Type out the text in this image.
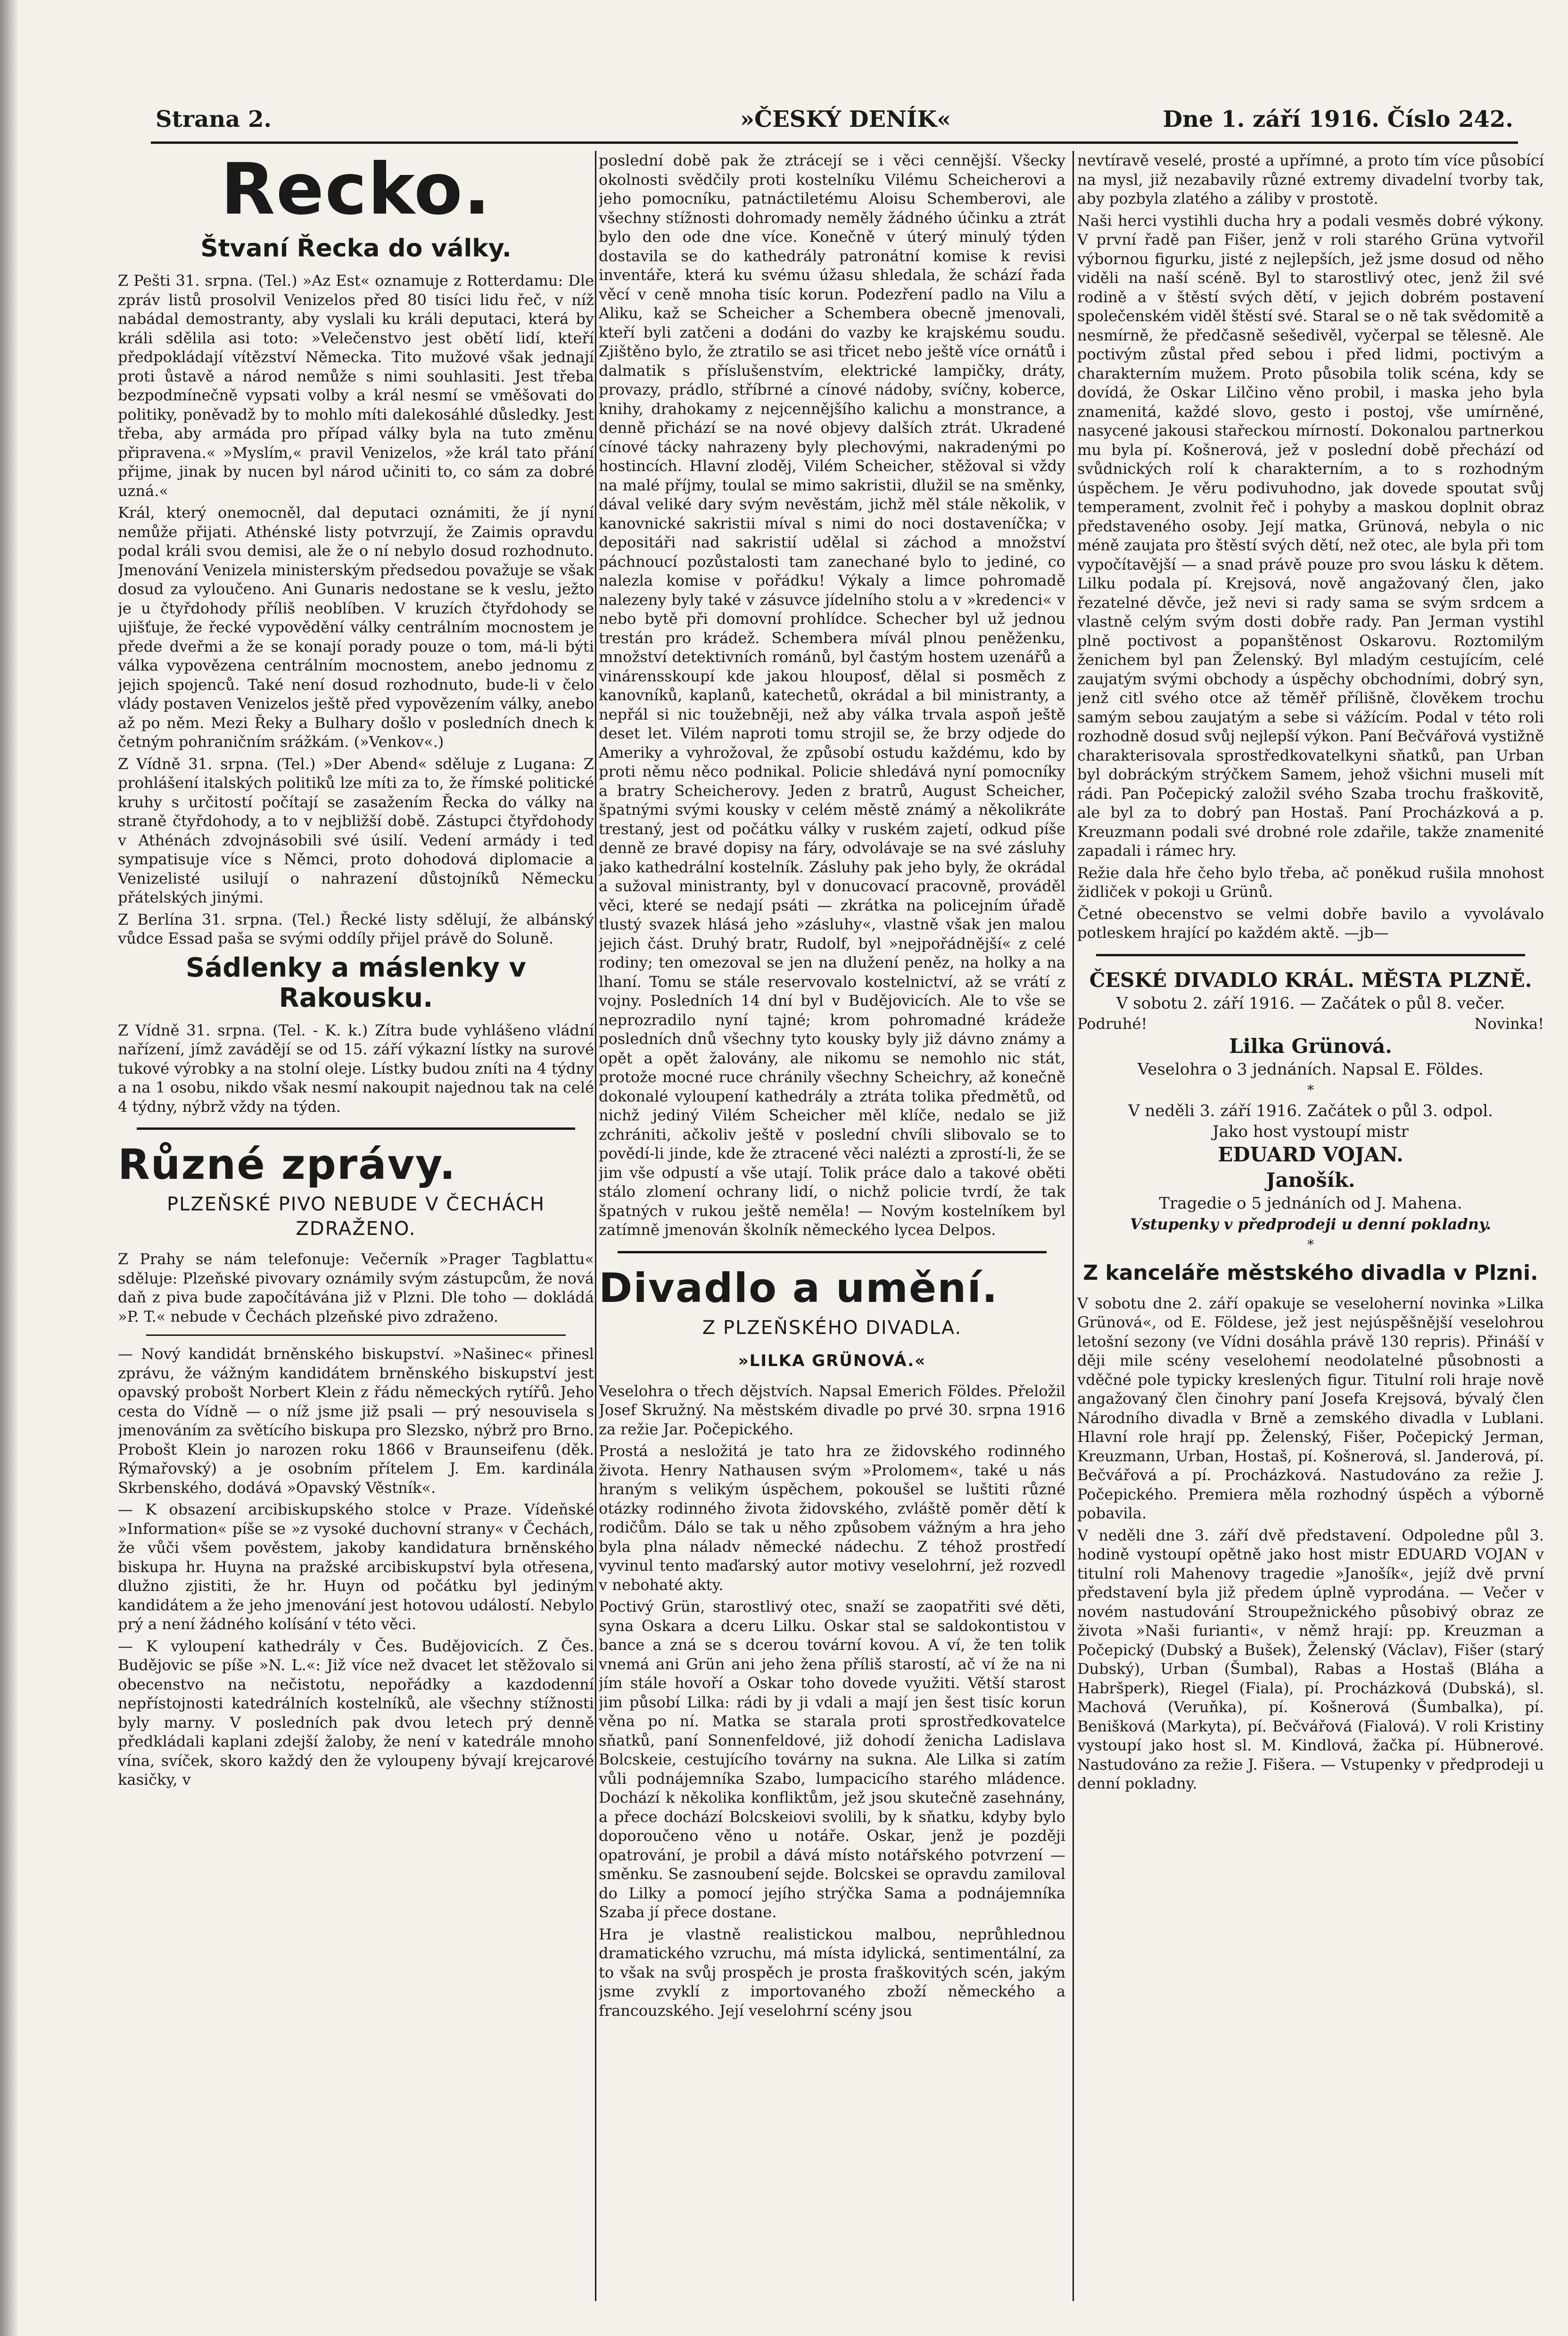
Strana 2.	»ČESKÝ DENÍK«	Dne 1. září 1916. Číslo 242.
Recko.
Štvaní Řecka do války.

Z Pešti 31. srpna. (Tel.) »Az Est« oznamuje z Rotterdamu: Dle zpráv listů prosolvil Venizelos před 80 tisíci lidu řeč, v níž nabádal demostranty, aby vyslali ku králi deputaci, která by králi sdělila asi toto: »Velečenstvo jest obětí lidí, kteří předpokládají vítězství Německa. Tito mužové však jednají proti ůstavě a národ nemůže s nimi souhlasiti. Jest třeba bezpodmínečně vypsati volby a král nesmí se vměšovati do politiky, poněvadž by to mohlo míti dalekosáhlé důsledky. Jest třeba, aby armáda pro případ války byla na tuto změnu připravena.« »Myslím,« pravil Venizelos, »že král tato přání přijme, jinak by nucen byl národ učiniti to, co sám za dobré uzná.«

Král, který onemocněl, dal deputaci oznámiti, že jí nyní nemůže přijati. Athénské listy potvrzují, že Zaimis opravdu podal králi svou demisi, ale že o ní nebylo dosud rozhodnuto. Jmenování Venizela ministerským předsedou považuje se však dosud za vyloučeno. Ani Gunaris nedostane se k veslu, ježto je u čtyřdohody příliš neoblíben. V kruzích čtyřdohody se ujišťuje, že řecké vypovědění války centrálním mocnostem je přede dveřmi a že se konají porady pouze o tom, má-li býti válka vypovězena centrálním mocnostem, anebo jednomu z jejich spojenců. Také není dosud rozhodnuto, bude-li v čelo vlády postaven Venizelos ještě před vypovězením války, anebo až po něm. Mezi Řeky a Bulhary došlo v posledních dnech k četným pohraničním srážkám. (»Venkov«.)

Z Vídně 31. srpna. (Tel.) »Der Abend« sděluje z Lugana: Z prohlášení italských politiků lze míti za to, že římské politické kruhy s určitostí počítají se zasažením Řecka do války na straně čtyřdohody, a to v nejbližší době. Zástupci čtyřdohody v Athénách zdvojnásobili své úsilí. Vedení armády i teď sympatisuje více s Němci, proto dohodová diplomacie a Venizelisté usilují o nahrazení důstojníků Německu přátelských jinými.

Z Berlína 31. srpna. (Tel.) Řecké listy sdělují, že albánský vůdce Essad paša se svými oddíly přijel právě do Soluně.

Sádlenky a máslenky v Rakousku.

Z Vídně 31. srpna. (Tel. - K. k.) Zítra bude vyhlášeno vládní nařízení, jímž zavádějí se od 15. září výkazní lístky na surové tukové výrobky a na stolní oleje. Lístky budou zníti na 4 týdny a na 1 osobu, nikdo však nesmí nakoupit najednou tak na celé 4 týdny, nýbrž vždy na týden.

Různé zprávy.
PLZEŇSKÉ PIVO NEBUDE V ČECHÁCH ZDRAŽENO.

Z Prahy se nám telefonuje: Večerník »Prager Tagblattu« sděluje: Plzeňské pivovary oznámily svým zástupcům, že nová daň z piva bude započítávána již v Plzni. Dle toho — dokládá »P. T.« nebude v Čechách plzeňské pivo zdraženo.

— Nový kandidát brněnského biskupství. »Našinec« přinesl zprávu, že vážným kandidátem brněnského biskupství jest opavský probošt Norbert Klein z řádu německých rytířů. Jeho cesta do Vídně — o níž jsme již psali — prý nesouvisela s jmenováním za světícího biskupa pro Slezsko, nýbrž pro Brno. Probošt Klein jo narozen roku 1866 v Braunseifenu (děk. Rýmařovský) a je osobním přítelem J. Em. kardinála Skrbenského, dodává »Opavský Věstník«.

— K obsazení arcibiskupského stolce v Praze. Vídeňské »Information« píše se »z vysoké duchovní strany« v Čechách, že vůči všem pověstem, jakoby kandidatura brněnského biskupa hr. Huyna na pražské arcibiskupství byla otřesena, dlužno zjistiti, že hr. Huyn od počátku byl jediným kandidátem a že jeho jmenování jest hotovou událostí. Nebylo prý a není žádného kolísání v této věci.

— K vyloupení kathedrály v Čes. Budějovicích. Z Čes. Budějovic se píše »N. L.«: Již více než dvacet let stěžovalo si obecenstvo na nečistotu, nepořádky a kazdodenní nepřístojnosti katedrálních kostelníků, ale všechny stížnosti byly marny. V posledních pak dvou letech prý denně předkládali kaplani zdejší žaloby, že není v katedrále mnoho vína, svíček, skoro každý den že vyloupeny bývají krejcarové kasičky, v

poslední době pak že ztrácejí se i věci cennější. Všecky okolnosti svědčily proti kostelníku Vilému Scheicherovi a jeho pomocníku, patnáctiletému Aloisu Schemberovi, ale všechny stížnosti dohromady neměly žádného účinku a ztrát bylo den ode dne více. Konečně v úterý minulý týden dostavila se do kathedrály patronátní komise k revisi inventáře, která ku svému úžasu shledala, že schází řada věcí v ceně mnoha tisíc korun. Podezření padlo na Vilu a Aliku, kaž se Scheicher a Schembera obecně jmenovali, kteří byli zatčeni a dodáni do vazby ke krajskému soudu. Zjištěno bylo, že ztratilo se asi třicet nebo ještě více ornátů i dalmatik s příslušenstvím, elektrické lampičky, dráty, provazy, prádlo, stříbrné a cínové nádoby, svíčny, koberce, knihy, drahokamy z nejcennějšího kalichu a monstrance, a denně přichází se na nové objevy dalších ztrát. Ukradené cínové tácky nahrazeny byly plechovými, nakradenými po hostincích. Hlavní zloděj, Vilém Scheicher, stěžoval si vždy na malé příjmy, toulal se mimo sakristii, dlužil se na směnky, dával veliké dary svým nevěstám, jichž měl stále několik, v kanovnické sakristii míval s nimi do noci dostaveníčka; v depositáři nad sakristií udělal si záchod a množství páchnoucí pozůstalosti tam zanechané bylo to jediné, co nalezla komise v pořádku! Výkaly a limce pohromadě nalezeny byly také v zásuvce jídelního stolu a v »kredenci« v nebo bytě při domovní prohlídce. Schecher byl už jednou trestán pro krádež. Schembera mívál plnou peněženku, množství detektivních románů, byl častým hostem uzenářů a vinárensskoupí kde jakou hlouposť, dělal si posměch z kanovníků, kaplanů, katechetů, okrádal a bil ministranty, a nepřál si nic toužebněji, než aby válka trvala aspoň ještě deset let. Vilém naproti tomu strojil se, že brzy odjede do Ameriky a vyhrožoval, že způsobí ostudu každému, kdo by proti němu něco podnikal. Policie shledává nyní pomocníky a bratry Scheicherovy. Jeden z bratrů, August Scheicher, špatnými svými kousky v celém městě známý a několikráte trestaný, jest od počátku války v ruském zajetí, odkud píše denně ze bravé dopisy na fáry, odvolávaje se na své zásluhy jako kathedrální kostelník. Zásluhy pak jeho byly, že okrádal a sužoval ministranty, byl v donucovací pracovně, prováděl věci, které se nedají psáti — zkrátka na policejním úřadě tlustý svazek hlásá jeho »zásluhy«, vlastně však jen malou jejich část. Druhý bratr, Rudolf, byl »nejpořádnější« z celé rodiny; ten omezoval se jen na dlužení peněz, na holky a na lhaní. Tomu se stále reservovalo kostelnictví, až se vrátí z vojny. Posledních 14 dní byl v Budějovicích. Ale to vše se neprozradilo nyní tajné; krom pohromadné krádeže posledních dnů všechny tyto kousky byly již dávno známy a opět a opět žalovány, ale nikomu se nemohlo nic stát, protože mocné ruce chránily všechny Scheichry, až konečně dokonalé vyloupení kathedrály a ztráta tolika předmětů, od nichž jediný Vilém Scheicher měl klíče, nedalo se již zchrániti, ačkoliv ještě v poslední chvíli slibovalo se to povědí-li jinde, kde že ztracené věci nalézti a zprostí-li, že se jim vše odpustí a vše utají. Tolik práce dalo a takové oběti stálo zlomení ochrany lidí, o nichž policie tvrdí, že tak špatných v rukou ještě neměla! — Novým kostelníkem byl zatímně jmenován školník německého lycea Delpos.

Divadlo a umění.
Z PLZEŇSKÉHO DIVADLA.
»LILKA GRÜNOVÁ.«

Veselohra o třech dějstvích. Napsal Emerich Földes. Přeložil Josef Skružný. Na městském divadle po prvé 30. srpna 1916 za režie Jar. Počepického.

Prostá a nesložitá je tato hra ze židovského rodinného života. Henry Nathausen svým »Prolomem«, také u nás hraným s velikým úspěchem, pokoušel se luštiti různé otázky rodinného života židovského, zvláště poměr dětí k rodičům. Dálo se tak u něho způsobem vážným a hra jeho byla plna náladv německé nádechu. Z téhož prostředí vyvinul tento maďarský autor motivy veselohrní, jež rozvedl v nebohaté akty.

Poctivý Grün, starostlivý otec, snaží se zaopatřiti své děti, syna Oskara a dceru Lilku. Oskar stal se saldokontistou v bance a zná se s dcerou tovární kovou. A ví, že ten tolik vnemá ani Grün ani jeho žena příliš starostí, ač ví že na ni jím stále hovoří a Oskar toho dovede využiti. Větší starost jim působí Lilka: rádi by ji vdali a mají jen šest tisíc korun věna po ní. Matka se starala proti sprostředkovatelce sňatků, paní Sonnenfeldové, již dohodí ženicha Ladislava Bolcskeie, cestujícího továrny na sukna. Ale Lilka si zatím vůli podnájemníka Szabo, lumpacicího starého mládence. Dochází k několika konfliktům, jež jsou skutečně zasehnány, a přece dochází Bolcskeiovi svolili, by k sňatku, kdyby bylo doporoučeno věno u notáře. Oskar, jenž je později opatrování, je probil a dává místo notářského potvrzení — směnku. Se zasnoubení sejde. Bolcskei se opravdu zamiloval do Lilky a pomocí jejího strýčka Sama a podnájemníka Szaba jí přece dostane.

Hra je vlastně realistickou malbou, neprůhlednou dramatického vzruchu, má místa idylická, sentimentální, za to však na svůj prospěch je prosta fraškovitých scén, jakým jsme zvyklí z importovaného zboží německého a francouzského. Její veselohrní scény jsou

nevtíravě veselé, prosté a upřímné, a proto tím více působící na mysl, již nezabavily různé extremy divadelní tvorby tak, aby pozbyla zlatého a záliby v prostotě.

Naši herci vystihli ducha hry a podali vesměs dobré výkony. V první řadě pan Fišer, jenž v roli starého Grüna vytvořil výbornou figurku, jisté z nejlepších, jež jsme dosud od něho viděli na naší scéně. Byl to starostlivý otec, jenž žil své rodině a v štěstí svých dětí, v jejich dobrém postavení společenském viděl štěstí své. Staral se o ně tak svědomitě a nesmírně, že předčasně sešedivěl, vyčerpal se tělesně. Ale poctivým zůstal před sebou i před lidmi, poctivým a charakterním mužem. Proto působila tolik scéna, kdy se dovídá, že Oskar Lilčino věno probil, i maska jeho byla znamenitá, každé slovo, gesto i postoj, vše umírněné, nasycené jakousi stařeckou mírností. Dokonalou partnerkou mu byla pí. Košnerová, jež v poslední době přechází od svůdnických rolí k charakterním, a to s rozhodným úspěchem. Je věru podivuhodno, jak dovede spoutat svůj temperament, zvolnit řeč i pohyby a maskou doplnit obraz představeného osoby. Její matka, Grünová, nebyla o nic méně zaujata pro štěstí svých dětí, než otec, ale byla při tom vypočítavější — a snad právě pouze pro svou lásku k dětem. Lilku podala pí. Krejsová, nově angažovaný člen, jako řezatelné děvče, jež nevi si rady sama se svým srdcem a vlastně celým svým dosti dobře rady. Pan Jerman vystihl plně poctivost a popanštěnost Oskarovu. Roztomilým ženichem byl pan Želenský. Byl mladým cestujícím, celé zaujatým svými obchody a úspěchy obchodními, dobrý syn, jenž citl svého otce až těměř přílišně, člověkem trochu samým sebou zaujatým a sebe si vážícím. Podal v této roli rozhodně dosud svůj nejlepší výkon. Paní Bečvářová vystižně charakterisovala sprostředkovatelkyni sňatků, pan Urban byl dobráckým strýčkem Samem, jehož všichni museli mít rádi. Pan Počepický založil svého Szaba trochu fraškovitě, ale byl za to dobrý pan Hostaš. Paní Procházková a p. Kreuzmann podali své drobné role zdařile, takže znamenité zapadali i rámec hry.

Režie dala hře čeho bylo třeba, ač poněkud rušila mnohost židliček v pokoji u Grünů.

Četné obecenstvo se velmi dobře bavilo a vyvolávalo potleskem hrající po každém aktě. —jb—

ČESKÉ DIVADLO KRÁL. MĚSTA PLZNĚ.
V sobotu 2. září 1916. — Začátek o půl 8. večer.
Podruhé!	Novinka!
Lilka Grünová.
Veselohra o 3 jednáních. Napsal E. Földes.
*
V neděli 3. září 1916. Začátek o půl 3. odpol.
Jako host vystoupí mistr
EDUARD VOJAN.
Janošík.
Tragedie o 5 jednáních od J. Mahena.
Vstupenky v předprodeji u denní pokladny.
*
Z kanceláře městského divadla v Plzni.

V sobotu dne 2. září opakuje se veseloherní novinka »Lilka Grünová«, od E. Földese, jež jest nejúspěšnější veselohrou letošní sezony (ve Vídni dosáhla právě 130 repris). Přináší v ději mile scény veselohemí neodolatelné působnosti a vděčné pole typicky kreslených figur. Titulní roli hraje nově angažovaný člen činohry paní Josefa Krejsová, bývalý člen Národního divadla v Brně a zemského divadla v Lublani. Hlavní role hrají pp. Želenský, Fišer, Počepický Jerman, Kreuzmann, Urban, Hostaš, pí. Košnerová, sl. Janderová, pí. Bečvářová a pí. Procházková. Nastudováno za režie J. Počepického. Premiera měla rozhodný úspěch a výborně pobavila.

V neděli dne 3. září dvě představení. Odpoledne půl 3. hodině vystoupí opětně jako host mistr EDUARD VOJAN v titulní roli Mahenovy tragedie »Janošík«, jejíž dvě první představení byla již předem úplně vyprodána. — Večer v novém nastudování Stroupežnického působivý obraz ze života »Naši furianti«, v němž hrají: pp. Kreuzman a Počepický (Dubský a Bušek), Želenský (Václav), Fišer (starý Dubský), Urban (Šumbal), Rabas a Hostaš (Bláha a Habršperk), Riegel (Fiala), pí. Procházková (Dubská), sl. Machová (Veruňka), pí. Košnerová (Šumbalka), pí. Benišková (Markyta), pí. Bečvářová (Fialová). V roli Kristiny vystoupí jako host sl. M. Kindlová, žačka pí. Hübnerové. Nastudováno za režie J. Fišera. — Vstupenky v předprodeji u denní pokladny.
